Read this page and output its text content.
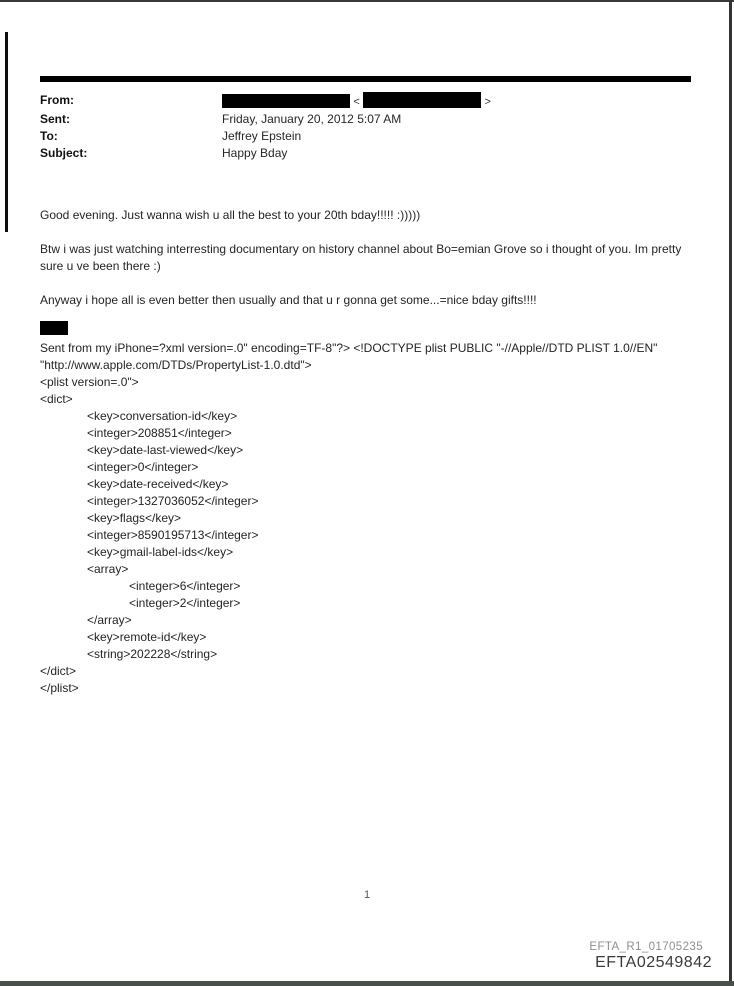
From:	<	>
Sent:	Friday, January 20, 2012 5:07 AM
To:	Jeffrey Epstein
Subject:	Happy Bday

Good evening. Just wanna wish u all the best to your 20th bday!!!!! :)))))

Btw i was just watching interresting documentary on history channel about Bo=emian Grove so i thought of you. Im pretty sure u ve been there :)

Anyway i hope all is even better then usually and that u r gonna get some...=nice bday gifts!!!!

Sent from my iPhone=?xml version=.0" encoding=TF-8"?> <!DOCTYPE plist PUBLIC "-//Apple//DTD PLIST 1.0//EN"
"http://www.apple.com/DTDs/PropertyList-1.0.dtd">
<plist version=.0">
<dict>
<key>conversation-id</key>
<integer>208851</integer>
<key>date-last-viewed</key>
<integer>0</integer>
<key>date-received</key>
<integer>1327036052</integer>
<key>flags</key>
<integer>8590195713</integer>
<key>gmail-label-ids</key>
<array>
<integer>6</integer>
<integer>2</integer>
</array>
<key>remote-id</key>
<string>202228</string>
</dict>
</plist>
1
EFTA_R1_01705235
EFTA02549842
